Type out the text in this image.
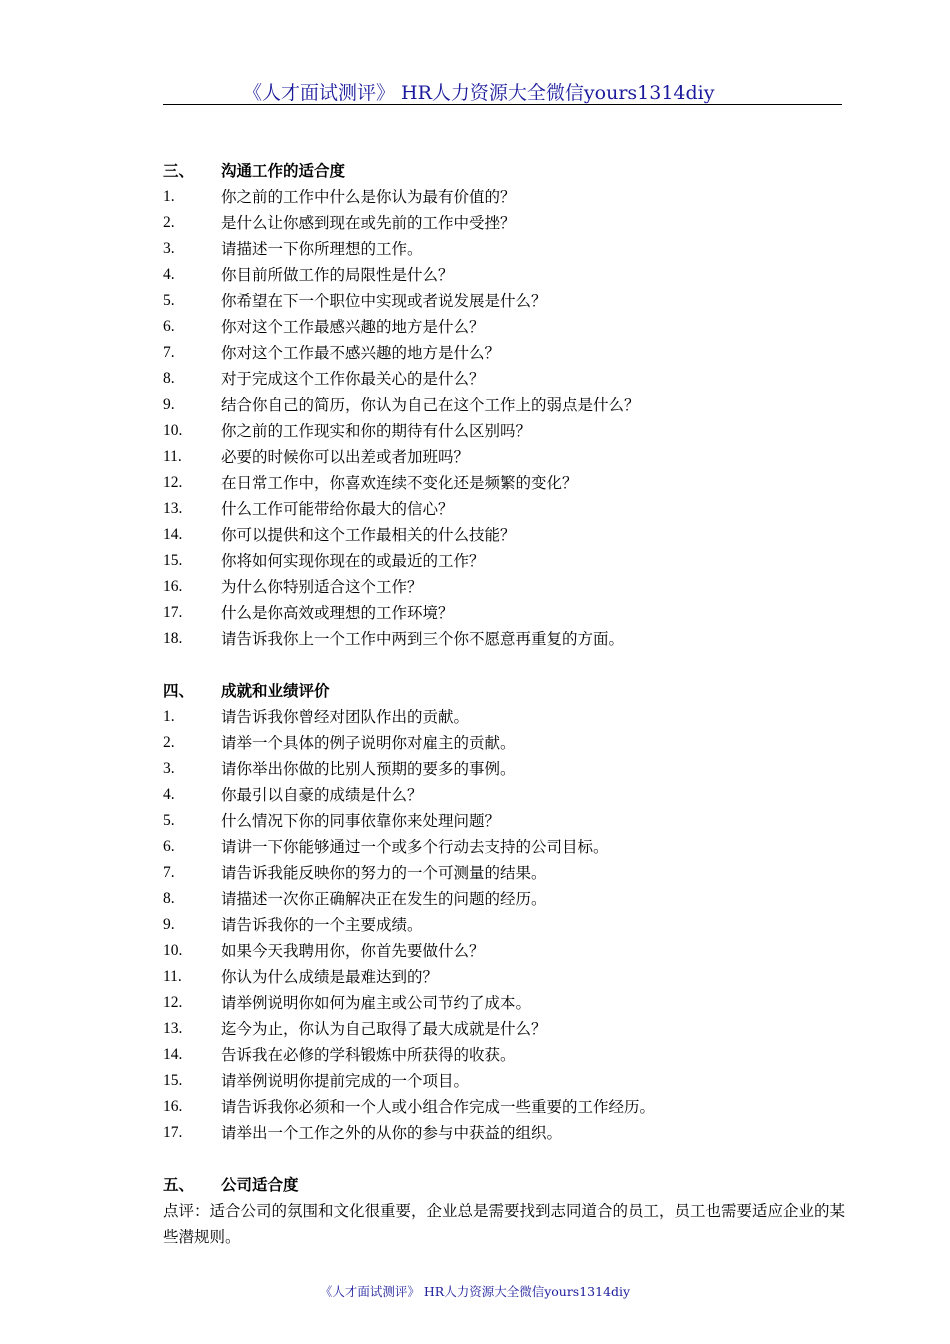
《人才面试测评》 HR人力资源大全微信yours1314diy
三、	沟通工作的适合度
1.	你之前的工作中什么是你认为最有价值的？
2.	是什么让你感到现在或先前的工作中受挫？
3.	请描述一下你所理想的工作。
4.	你目前所做工作的局限性是什么？
5.	你希望在下一个职位中实现或者说发展是什么？
6.	你对这个工作最感兴趣的地方是什么？
7.	你对这个工作最不感兴趣的地方是什么？
8.	对于完成这个工作你最关心的是什么？
9.	结合你自己的简历，你认为自己在这个工作上的弱点是什么？
10.	你之前的工作现实和你的期待有什么区别吗？
11.	必要的时候你可以出差或者加班吗？
12.	在日常工作中，你喜欢连续不变化还是频繁的变化？
13.	什么工作可能带给你最大的信心？
14.	你可以提供和这个工作最相关的什么技能？
15.	你将如何实现你现在的或最近的工作？
16.	为什么你特别适合这个工作？
17.	什么是你高效或理想的工作环境？
18.	请告诉我你上一个工作中两到三个你不愿意再重复的方面。
四、	成就和业绩评价
1.	请告诉我你曾经对团队作出的贡献。
2.	请举一个具体的例子说明你对雇主的贡献。
3.	请你举出你做的比别人预期的要多的事例。
4.	你最引以自豪的成绩是什么？
5.	什么情况下你的同事依靠你来处理问题？
6.	请讲一下你能够通过一个或多个行动去支持的公司目标。
7.	请告诉我能反映你的努力的一个可测量的结果。
8.	请描述一次你正确解决正在发生的问题的经历。
9.	请告诉我你的一个主要成绩。
10.	如果今天我聘用你，你首先要做什么？
11.	你认为什么成绩是最难达到的？
12.	请举例说明你如何为雇主或公司节约了成本。
13.	迄今为止，你认为自己取得了最大成就是什么？
14.	告诉我在必修的学科锻炼中所获得的收获。
15.	请举例说明你提前完成的一个项目。
16.	请告诉我你必须和一个人或小组合作完成一些重要的工作经历。
17.	请举出一个工作之外的从你的参与中获益的组织。
五、	公司适合度
点评：适合公司的氛围和文化很重要，企业总是需要找到志同道合的员工，员工也需要适应企业的某些潜规则。
《人才面试测评》 HR人力资源大全微信yours1314diy
